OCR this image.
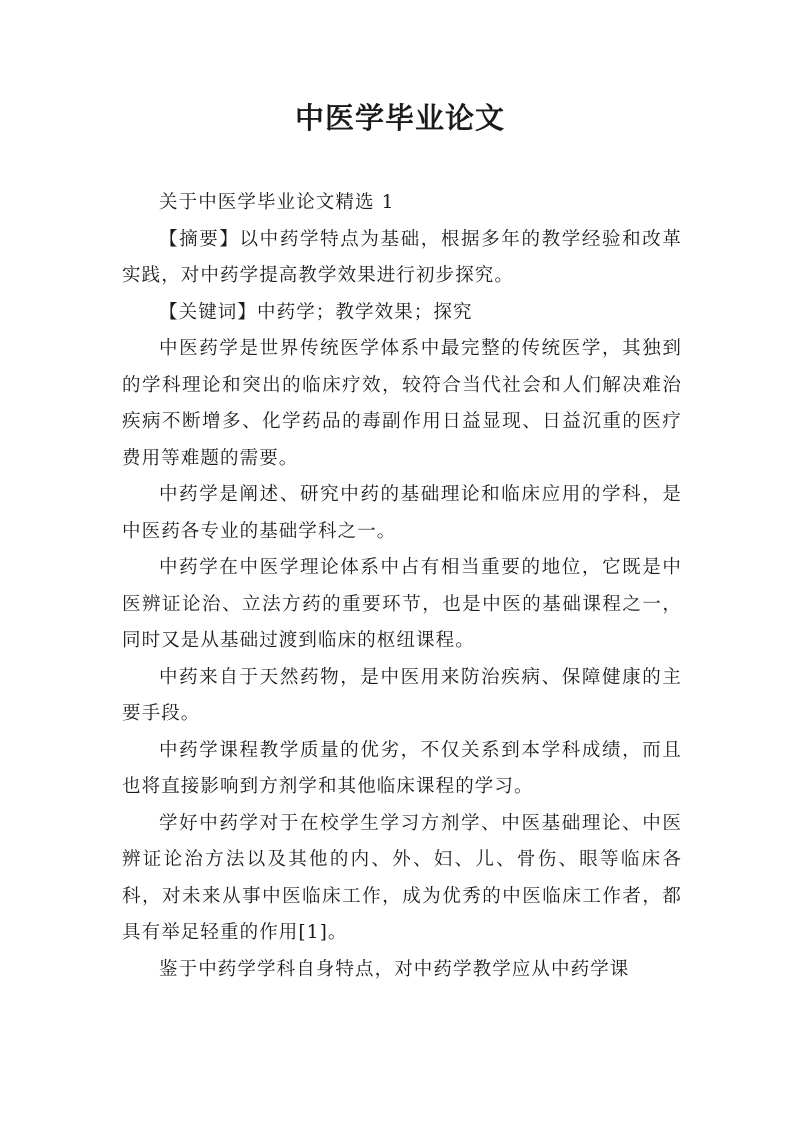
中医学毕业论文

关于中医学毕业论文精选 1

【摘要】以中药学特点为基础，根据多年的教学经验和改革实践，对中药学提高教学效果进行初步探究。

【关键词】中药学；教学效果；探究

中医药学是世界传统医学体系中最完整的传统医学，其独到的学科理论和突出的临床疗效，较符合当代社会和人们解决难治疾病不断增多、化学药品的毒副作用日益显现、日益沉重的医疗费用等难题的需要。

中药学是阐述、研究中药的基础理论和临床应用的学科，是中医药各专业的基础学科之一。

中药学在中医学理论体系中占有相当重要的地位，它既是中医辨证论治、立法方药的重要环节，也是中医的基础课程之一，同时又是从基础过渡到临床的枢纽课程。

中药来自于天然药物，是中医用来防治疾病、保障健康的主要手段。

中药学课程教学质量的优劣，不仅关系到本学科成绩，而且也将直接影响到方剂学和其他临床课程的学习。

学好中药学对于在校学生学习方剂学、中医基础理论、中医辨证论治方法以及其他的内、外、妇、儿、骨伤、眼等临床各科，对未来从事中医临床工作，成为优秀的中医临床工作者，都具有举足轻重的作用[1]。

鉴于中药学学科自身特点，对中药学教学应从中药学课
